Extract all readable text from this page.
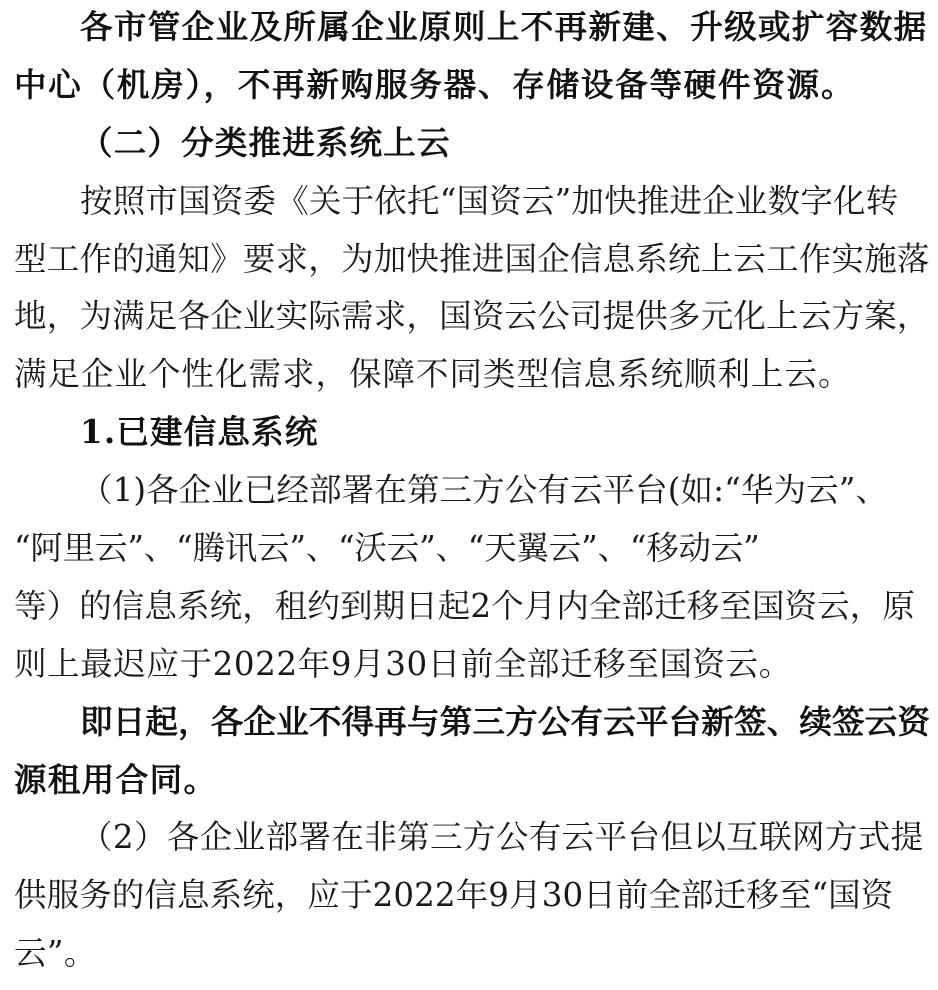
各市管企业及所属企业原则上不再新建、升级或扩容数据
中心（机房），不再新购服务器、存储设备等硬件资源。
（二）分类推进系统上云
按照市国资委《关于依托“国资云”加快推进企业数字化转
型工作的通知》要求，为加快推进国企信息系统上云工作实施落
地，为满足各企业实际需求，国资云公司提供多元化上云方案，
满足企业个性化需求，保障不同类型信息系统顺利上云。
1.已建信息系统
（1)各企业已经部署在第三方公有云平台(如:“华为云”、
“阿里云”、“腾讯云”、“沃云”、“天翼云”、“移动云”
等）的信息系统，租约到期日起2个月内全部迁移至国资云，原
则上最迟应于2022年9月30日前全部迁移至国资云。
即日起，各企业不得再与第三方公有云平台新签、续签云资
源租用合同。
（2）各企业部署在非第三方公有云平台但以互联网方式提
供服务的信息系统，应于2022年9月30日前全部迁移至“国资
云”。
